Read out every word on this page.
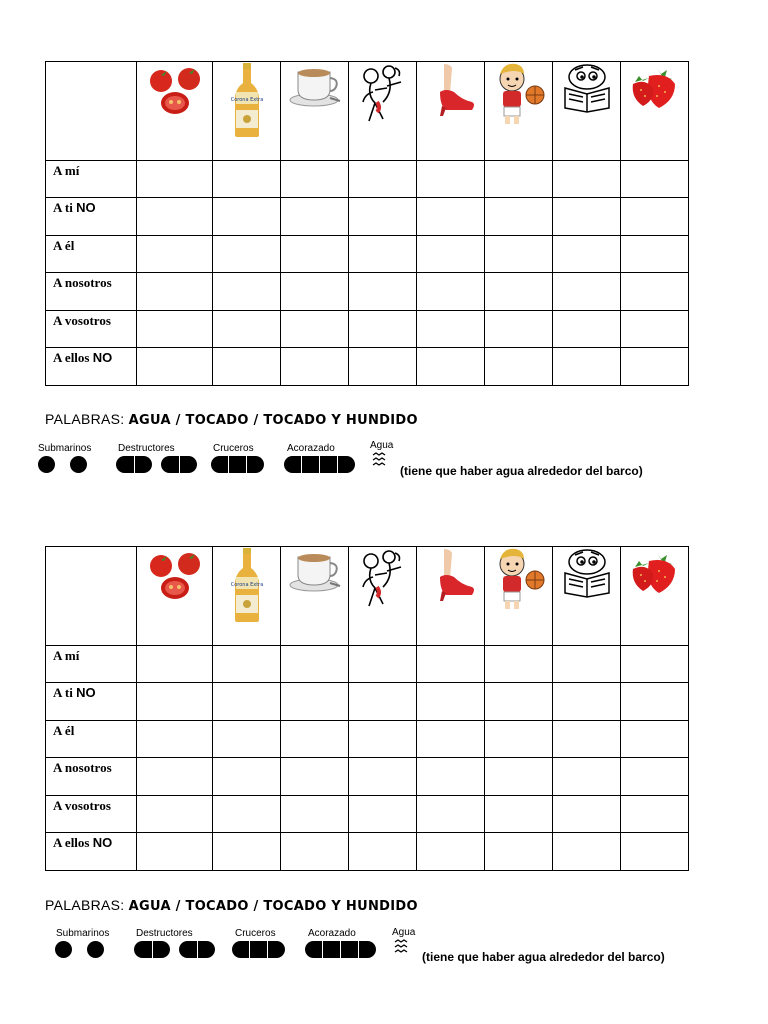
Corona Extra

A mí								
A ti NO								
A él								
A nosotros								
A vosotros								
A ellos NO								
PALABRAS: AGUA / TOCADO / TOCADO Y HUNDIDO
Submarinos	Destructores	Cruceros	Acorazado	Agua
(tiene que haber agua alrededor del barco)

Corona Extra

A mí								
A ti NO								
A él								
A nosotros								
A vosotros								
A ellos NO								
PALABRAS: AGUA / TOCADO / TOCADO Y HUNDIDO
Submarinos	Destructores	Cruceros	Acorazado	Agua
(tiene que haber agua alrededor del barco)
